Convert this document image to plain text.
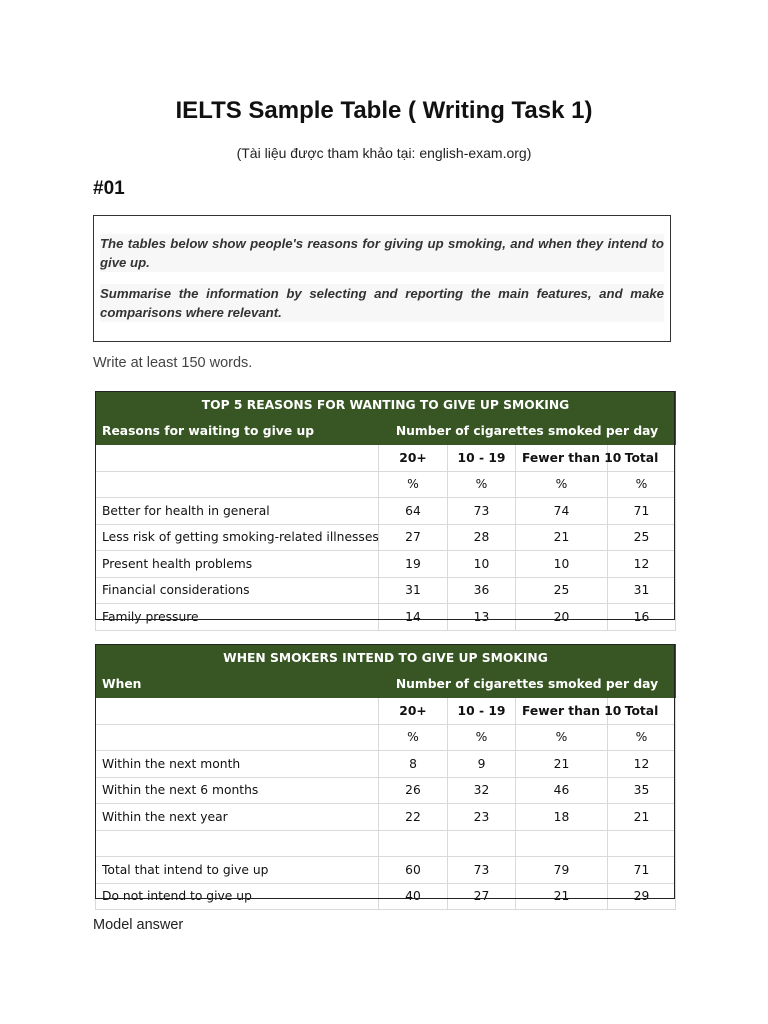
IELTS Sample Table ( Writing Task 1)
(Tài liệu được tham khảo tại: english-exam.org)
#01

The tables below show people's reasons for giving up smoking, and when they intend to give up.

Summarise the information by selecting and reporting the main features, and make comparisons where relevant.

Write at least 150 words.
TOP 5 REASONS FOR WANTING TO GIVE UP SMOKING				
Reasons for waiting to give up	Number of cigarettes smoked per day			
	20+	10 - 19	Fewer than 10	Total
	%	%	%	%
Better for health in general	64	73	74	71
Less risk of getting smoking-related illnesses	27	28	21	25
Present health problems	19	10	10	12
Financial considerations	31	36	25	31
Family pressure	14	13	20	16
WHEN SMOKERS INTEND TO GIVE UP SMOKING				
When	Number of cigarettes smoked per day			
	20+	10 - 19	Fewer than 10	Total
	%	%	%	%
Within the next month	8	9	21	12
Within the next 6 months	26	32	46	35
Within the next year	22	23	18	21

Total that intend to give up	60	73	79	71
Do not intend to give up	40	27	21	29
Model answer
